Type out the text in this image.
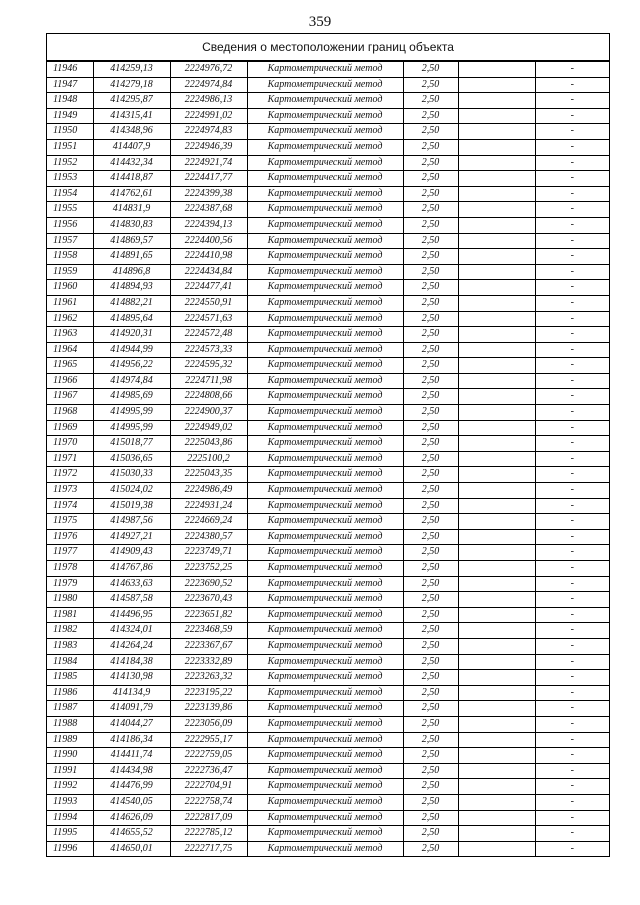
359
Сведения о местоположении границ объекта
11946	414259,13	2224976,72	Картометрический метод	2,50		-
11947	414279,18	2224974,84	Картометрический метод	2,50		-
11948	414295,87	2224986,13	Картометрический метод	2,50		-
11949	414315,41	2224991,02	Картометрический метод	2,50		-
11950	414348,96	2224974,83	Картометрический метод	2,50		-
11951	414407,9	2224946,39	Картометрический метод	2,50		-
11952	414432,34	2224921,74	Картометрический метод	2,50		-
11953	414418,87	2224417,77	Картометрический метод	2,50		-
11954	414762,61	2224399,38	Картометрический метод	2,50		-
11955	414831,9	2224387,68	Картометрический метод	2,50		-
11956	414830,83	2224394,13	Картометрический метод	2,50		-
11957	414869,57	2224400,56	Картометрический метод	2,50		-
11958	414891,65	2224410,98	Картометрический метод	2,50		-
11959	414896,8	2224434,84	Картометрический метод	2,50		-
11960	414894,93	2224477,41	Картометрический метод	2,50		-
11961	414882,21	2224550,91	Картометрический метод	2,50		-
11962	414895,64	2224571,63	Картометрический метод	2,50		-
11963	414920,31	2224572,48	Картометрический метод	2,50		-
11964	414944,99	2224573,33	Картометрический метод	2,50		-
11965	414956,22	2224595,32	Картометрический метод	2,50		-
11966	414974,84	2224711,98	Картометрический метод	2,50		-
11967	414985,69	2224808,66	Картометрический метод	2,50		-
11968	414995,99	2224900,37	Картометрический метод	2,50		-
11969	414995,99	2224949,02	Картометрический метод	2,50		-
11970	415018,77	2225043,86	Картометрический метод	2,50		-
11971	415036,65	2225100,2	Картометрический метод	2,50		-
11972	415030,33	2225043,35	Картометрический метод	2,50		-
11973	415024,02	2224986,49	Картометрический метод	2,50		-
11974	415019,38	2224931,24	Картометрический метод	2,50		-
11975	414987,56	2224669,24	Картометрический метод	2,50		-
11976	414927,21	2224380,57	Картометрический метод	2,50		-
11977	414909,43	2223749,71	Картометрический метод	2,50		-
11978	414767,86	2223752,25	Картометрический метод	2,50		-
11979	414633,63	2223690,52	Картометрический метод	2,50		-
11980	414587,58	2223670,43	Картометрический метод	2,50		-
11981	414496,95	2223651,82	Картометрический метод	2,50		-
11982	414324,01	2223468,59	Картометрический метод	2,50		-
11983	414264,24	2223367,67	Картометрический метод	2,50		-
11984	414184,38	2223332,89	Картометрический метод	2,50		-
11985	414130,98	2223263,32	Картометрический метод	2,50		-
11986	414134,9	2223195,22	Картометрический метод	2,50		-
11987	414091,79	2223139,86	Картометрический метод	2,50		-
11988	414044,27	2223056,09	Картометрический метод	2,50		-
11989	414186,34	2222955,17	Картометрический метод	2,50		-
11990	414411,74	2222759,05	Картометрический метод	2,50		-
11991	414434,98	2222736,47	Картометрический метод	2,50		-
11992	414476,99	2222704,91	Картометрический метод	2,50		-
11993	414540,05	2222758,74	Картометрический метод	2,50		-
11994	414626,09	2222817,09	Картометрический метод	2,50		-
11995	414655,52	2222785,12	Картометрический метод	2,50		-
11996	414650,01	2222717,75	Картометрический метод	2,50		-
